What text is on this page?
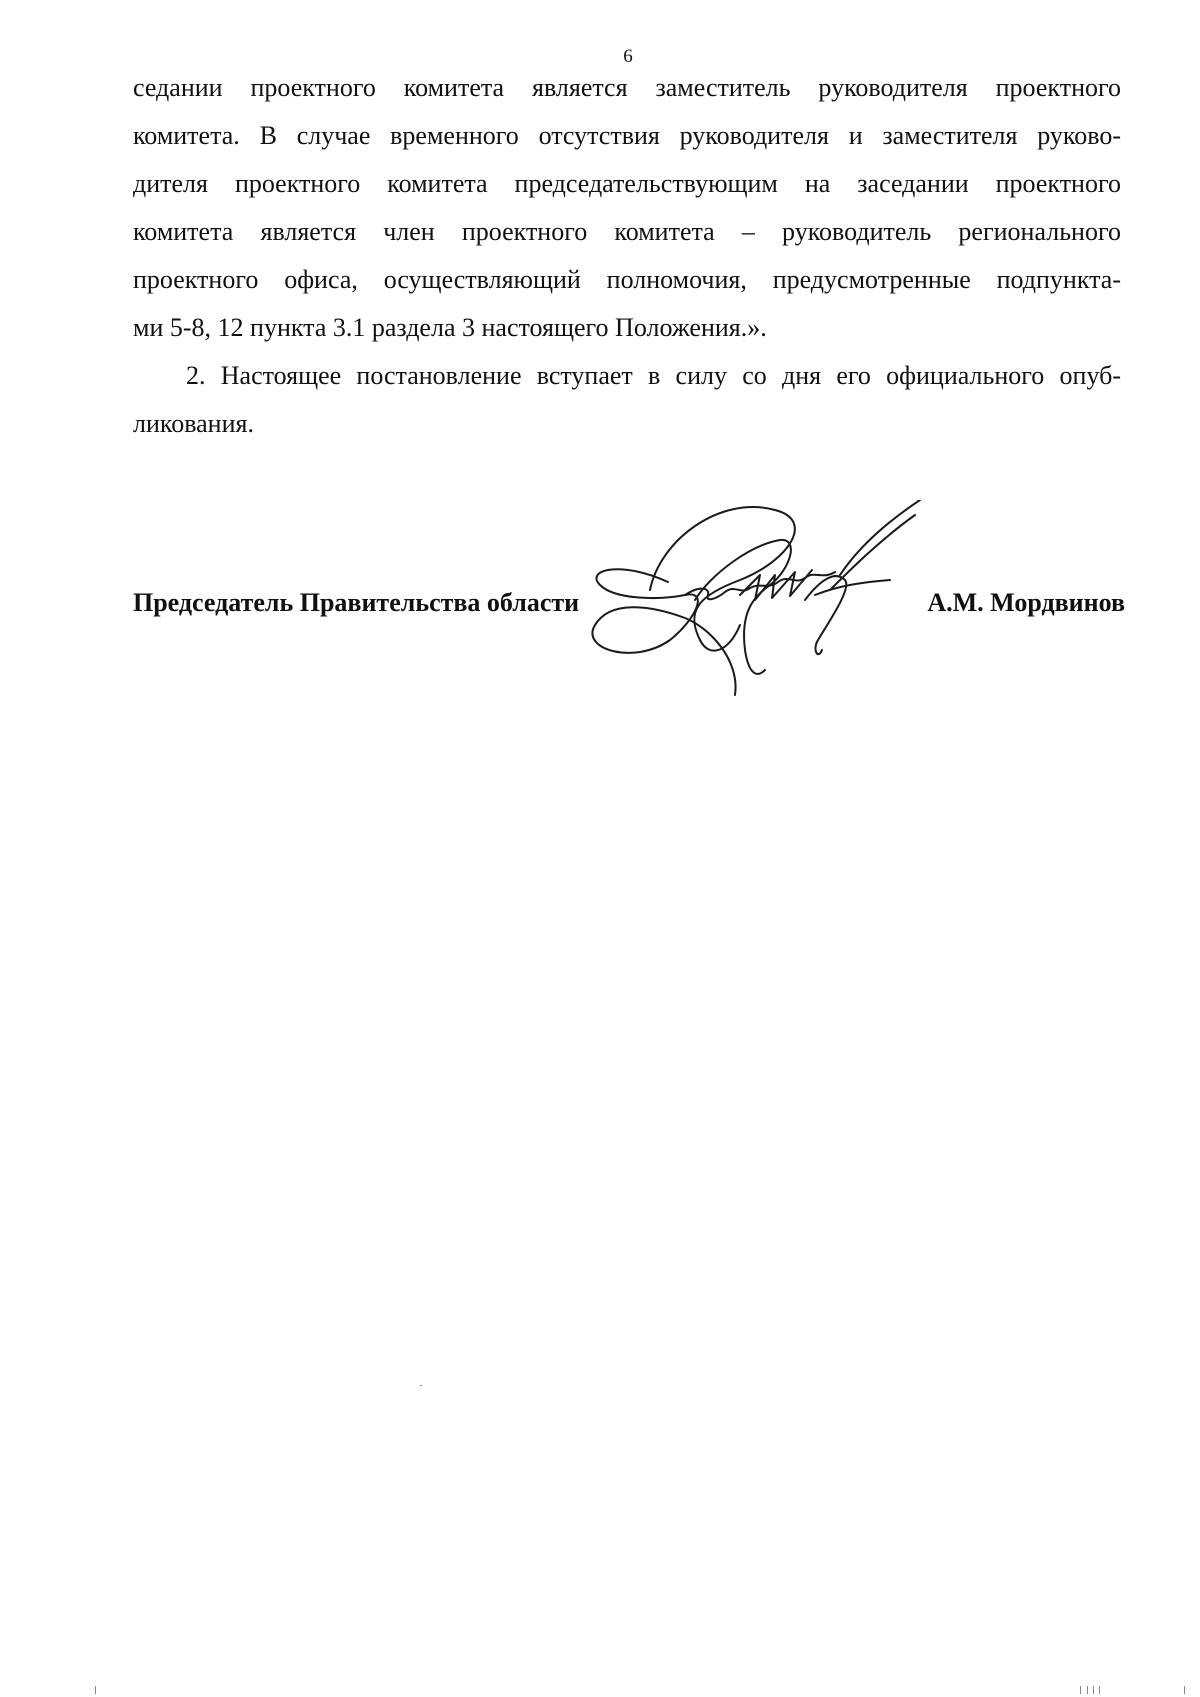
6

седании проектного комитета является заместитель руководителя проектного
комитета. В случае временного отсутствия руководителя и заместителя руково-
дителя проектного комитета председательствующим на заседании проектного
комитета является член проектного комитета – руководитель регионального
проектного офиса, осуществляющий полномочия, предусмотренные подпункта-
ми 5-8, 12 пункта 3.1 раздела 3 настоящего Положения.».

2. Настоящее постановление вступает в силу со дня его официального опуб-
ликования.

Председатель Правительства области	А.М. Мордвинов
